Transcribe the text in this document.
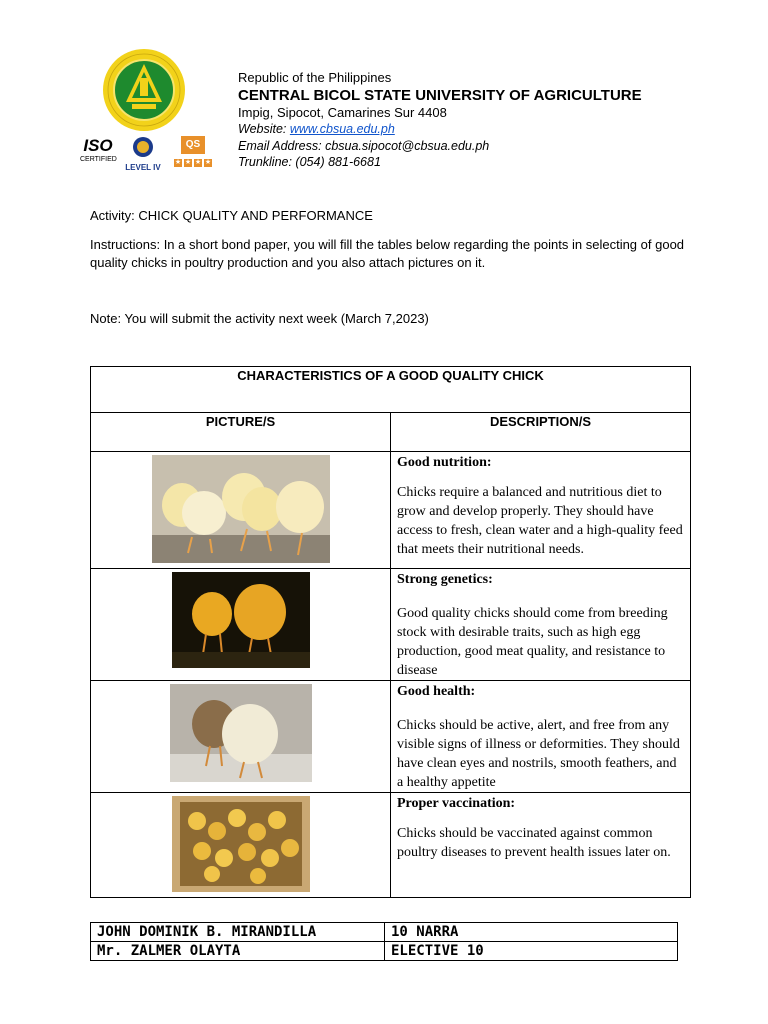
ISO
CERTIFIED
LEVEL IV
QS
★ ★ ★ ★
Republic of the Philippines
CENTRAL BICOL STATE UNIVERSITY OF AGRICULTURE
Impig, Sipocot, Camarines Sur 4408
Website: www.cbsua.edu.ph
Email Address: cbsua.sipocot@cbsua.edu.ph
Trunkline: (054) 881-6681
Activity: CHICK QUALITY AND PERFORMANCE
Instructions: In a short bond paper, you will fill the tables below regarding the points in selecting of good quality chicks in poultry production and you also attach pictures on it.
Note: You will submit the activity next week (March 7,2023)
CHARACTERISTICS OF A GOOD QUALITY CHICK	
PICTURE/S	DESCRIPTION/S

Good nutrition:

Chicks require a balanced and nutritious diet to grow and develop properly. They should have access to fresh, clean water and a high-quality feed that meets their nutritional needs.

Strong genetics:

Good quality chicks should come from breeding stock with desirable traits, such as high egg production, good meat quality, and resistance to disease

Good health:

Chicks should be active, alert, and free from any visible signs of illness or deformities. They should have clean eyes and nostrils, smooth feathers, and a healthy appetite

Proper vaccination:

Chicks should be vaccinated against common poultry diseases to prevent health issues later on.

JOHN DOMINIK B. MIRANDILLA	10 NARRA
Mr. ZALMER OLAYTA	ELECTIVE 10
